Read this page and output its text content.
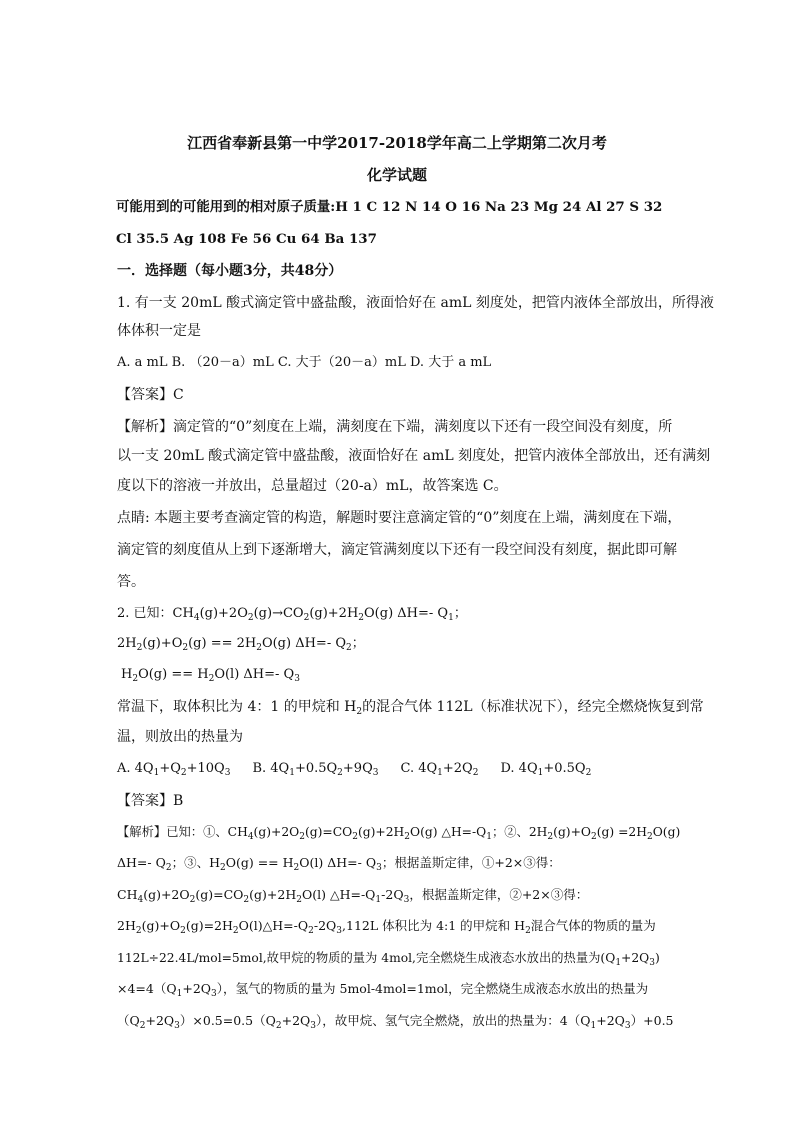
江西省奉新县第一中学2017-2018学年高二上学期第二次月考
化学试题
可能用到的可能用到的相对原子质量:H 1 C 12 N 14 O 16 Na 23 Mg 24 Al 27 S 32
Cl 35.5 Ag 108 Fe 56 Cu 64 Ba 137
一．选择题（每小题3分，共48分）
1. 有一支 20mL 酸式滴定管中盛盐酸，液面恰好在 amL 刻度处，把管内液体全部放出，所得液
体体积一定是
A. a mL B. （20－a）mL C. 大于（20－a）mL D. 大于 a mL
【答案】C
【解析】滴定管的“0”刻度在上端，满刻度在下端，满刻度以下还有一段空间没有刻度，所
以一支 20mL 酸式滴定管中盛盐酸，液面恰好在 amL 刻度处，把管内液体全部放出，还有满刻
度以下的溶液一并放出，总量超过（20-a）mL，故答案选 C。
点睛: 本题主要考查滴定管的构造，解题时要注意滴定管的“0”刻度在上端，满刻度在下端，
滴定管的刻度值从上到下逐渐增大，滴定管满刻度以下还有一段空间没有刻度，据此即可解
答。
2. 已知：$CH_4(g)+2O_2(g)\to CO_2(g)+2H_2O(g)$ ΔH=- $Q_1$；
$2H_2(g)+O_2(g) == 2H_2O(g)$ ΔH=- $Q_2$；
$H_2O(g) == H_2O(l)$ ΔH=- $Q_3$
常温下，取体积比为 4：1 的甲烷和 $H_2$的混合气体 112L（标准状况下），经完全燃烧恢复到常
温，则放出的热量为
A. $4Q_1+Q_2+10Q_3$ B. $4Q_1+0.5Q_2+9Q_3$ C. $4Q_1+2Q_2$ D. $4Q_1+0.5Q_2$
【答案】B
【解析】已知：①、$CH_4(g)+2O_2(g)=CO_2(g)+2H_2O(g)$ $\triangle H=-Q_1$；②、$2H_2(g)+O_2(g) =2H_2O(g)$
ΔH=- $Q_2$；③、$H_2O(g) == H_2O(l)$ ΔH=- $Q_3$；根据盖斯定律，①+2×③得：
$CH_4(g)+2O_2(g)=CO_2(g)+2H_2O(l)$ $\triangle H=-Q_1-2Q_3$，根据盖斯定律，②+2×③得：
$2H_2(g)+O_2(g)=2H_2O(l)\triangle H=-Q_2-2Q_3,112L$ 体积比为 4:1 的甲烷和 $H_2$混合气体的物质的量为
112L÷22.4L/mol=5mol,故甲烷的物质的量为 4mol,完全燃烧生成液态水放出的热量为$(Q_1+2Q_3)$
$\times 4=4(Q_1+2Q_3)$，氢气的物质的量为 5mol-4mol=1mol，完全燃烧生成液态水放出的热量为
$(Q_2+2Q_3)\times 0.5=0.5(Q_2+2Q_3)$，故甲烷、氢气完全燃烧，放出的热量为：$4(Q_1+2Q_3)+0.5$
